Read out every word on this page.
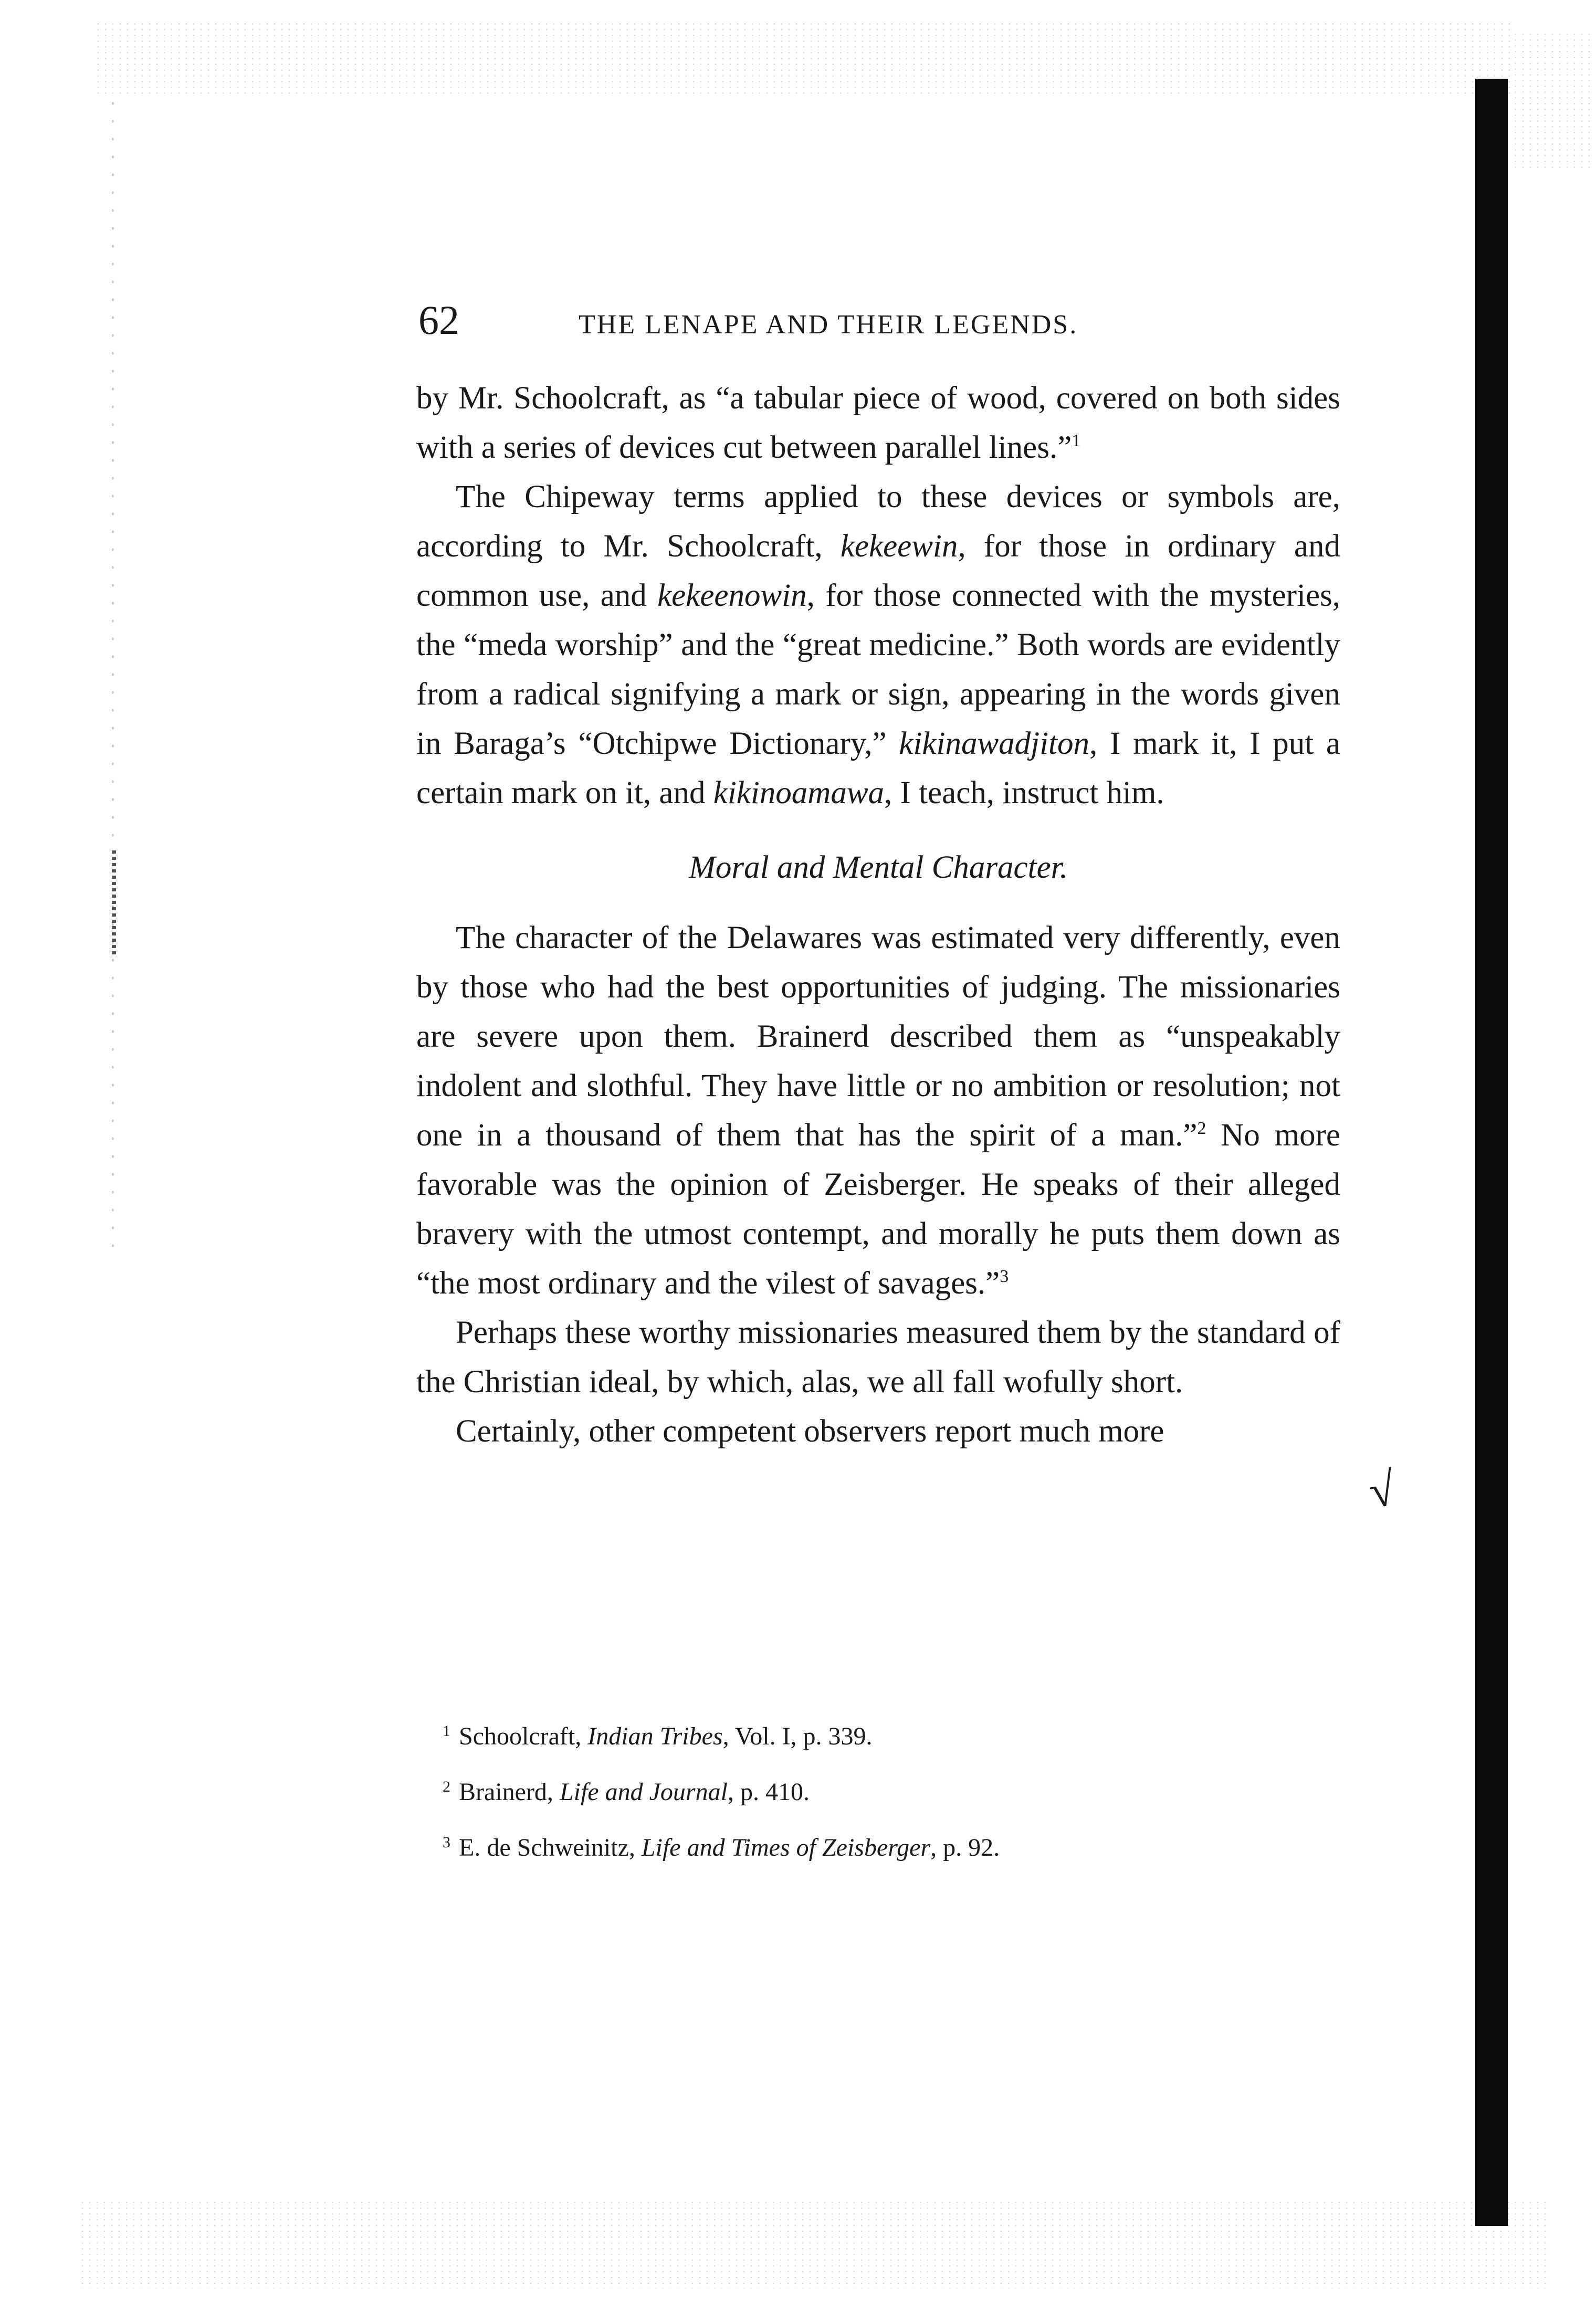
62	THE LENAPE AND THEIR LEGENDS.

by Mr. Schoolcraft, as “a tabular piece of wood, covered on both sides with a series of devices cut between parallel lines.”$^1$

The Chipeway terms applied to these devices or symbols are, according to Mr. Schoolcraft, kekeewin, for those in ordinary and common use, and kekeenowin, for those connected with the mysteries, the “meda worship” and the “great medicine.” Both words are evidently from a radical signifying a mark or sign, appearing in the words given in Baraga’s “Otchipwe Dictionary,” kikinawadjiton, I mark it, I put a certain mark on it, and kikinoamawa, I teach, instruct him.

Moral and Mental Character.

The character of the Delawares was estimated very differently, even by those who had the best opportunities of judging. The missionaries are severe upon them. Brainerd described them as “unspeakably indolent and slothful. They have little or no ambition or resolution; not one in a thousand of them that has the spirit of a man.”$^2$ No more favorable was the opinion of Zeisberger. He speaks of their alleged bravery with the utmost contempt, and morally he puts them down as “the most ordinary and the vilest of savages.”$^3$

Perhaps these worthy missionaries measured them by the standard of the Christian ideal, by which, alas, we all fall wofully short.

Certainly, other competent observers report much more

√
$^1$ Schoolcraft, Indian Tribes, Vol. I, p. 339.
$^2$ Brainerd, Life and Journal, p. 410.
$^3$ E. de Schweinitz, Life and Times of Zeisberger, p. 92.
